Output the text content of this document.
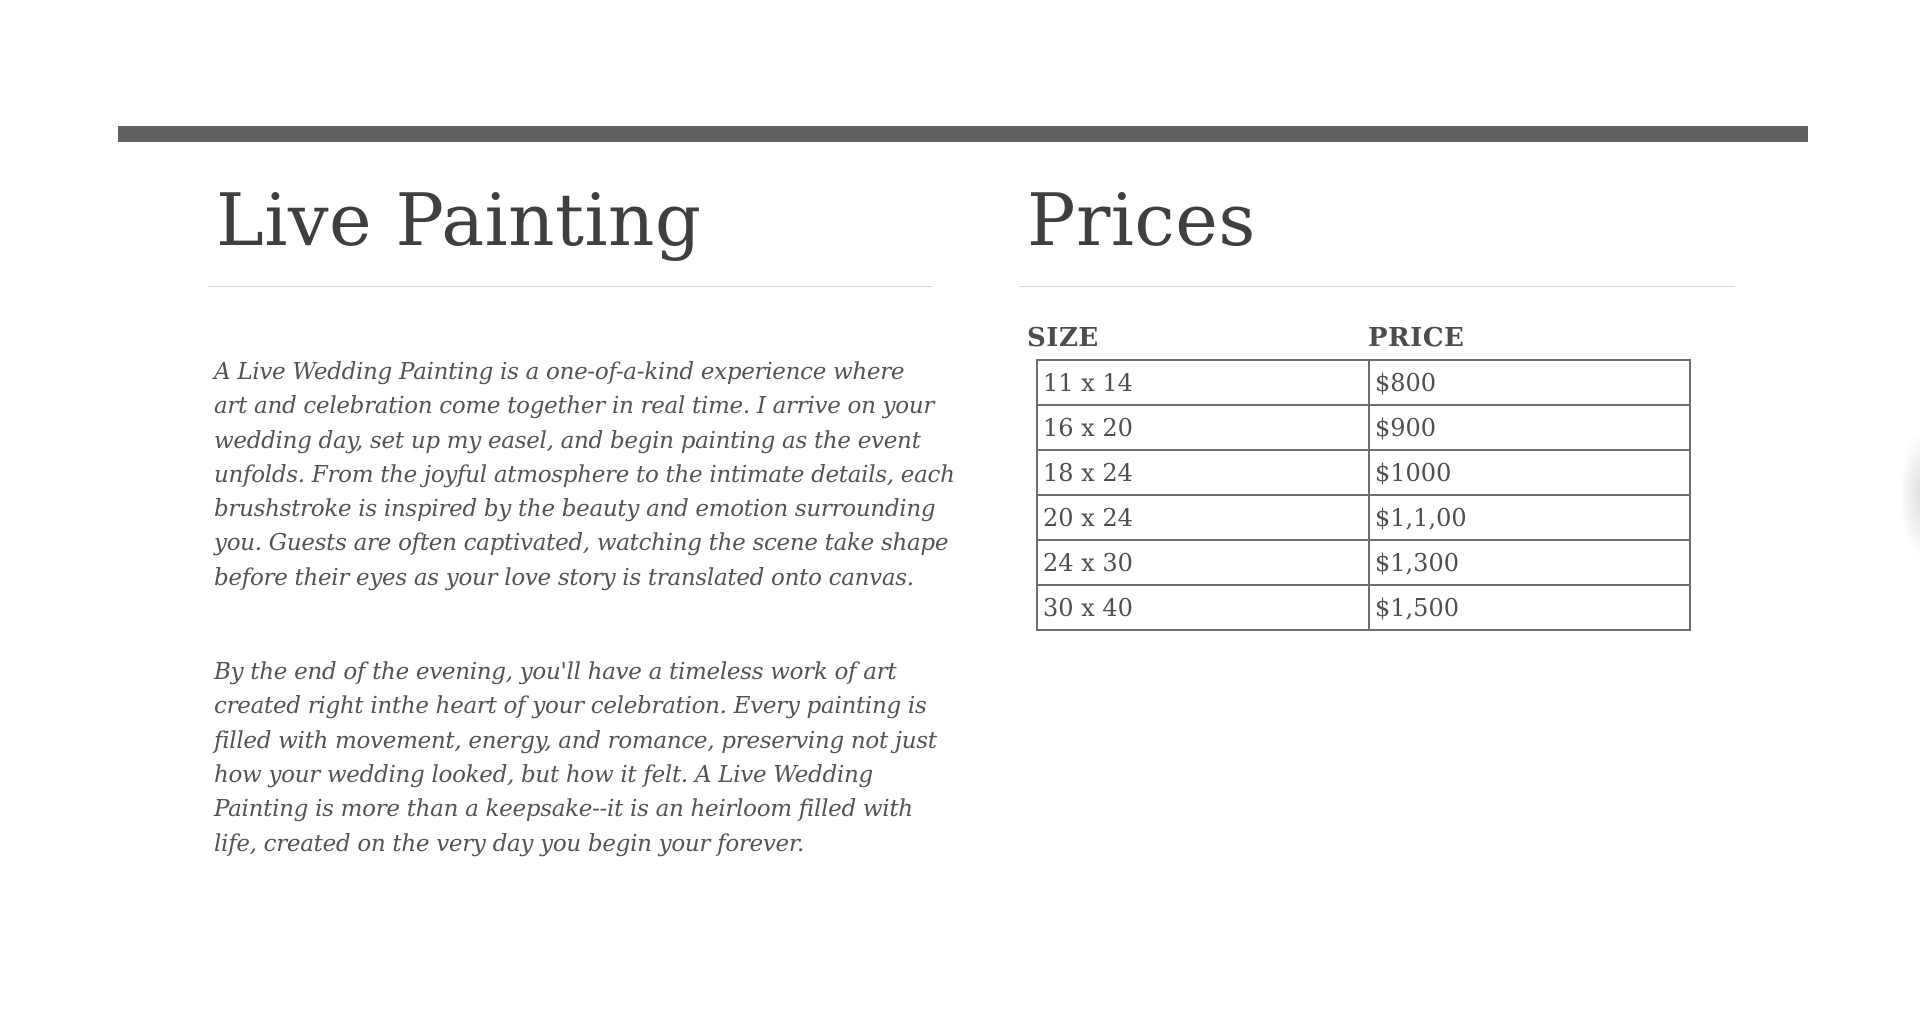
Live Painting

A Live Wedding Painting is a one-of-a-kind experience where
art and celebration come together in real time. I arrive on your
wedding day, set up my easel, and begin painting as the event
unfolds. From the joyful atmosphere to the intimate details, each
brushstroke is inspired by the beauty and emotion surrounding
you. Guests are often captivated, watching the scene take shape
before their eyes as your love story is translated onto canvas.

By the end of the evening, you'll have a timeless work of art
created right inthe heart of your celebration. Every painting is
filled with movement, energy, and romance, preserving not just
how your wedding looked, but how it felt. A Live Wedding
Painting is more than a keepsake--it is an heirloom filled with
life, created on the very day you begin your forever.

Prices
SIZE	PRICE
11 x 14	$800
16 x 20	$900
18 x 24	$1000
20 x 24	$1,1,00
24 x 30	$1,300
30 x 40	$1,500
